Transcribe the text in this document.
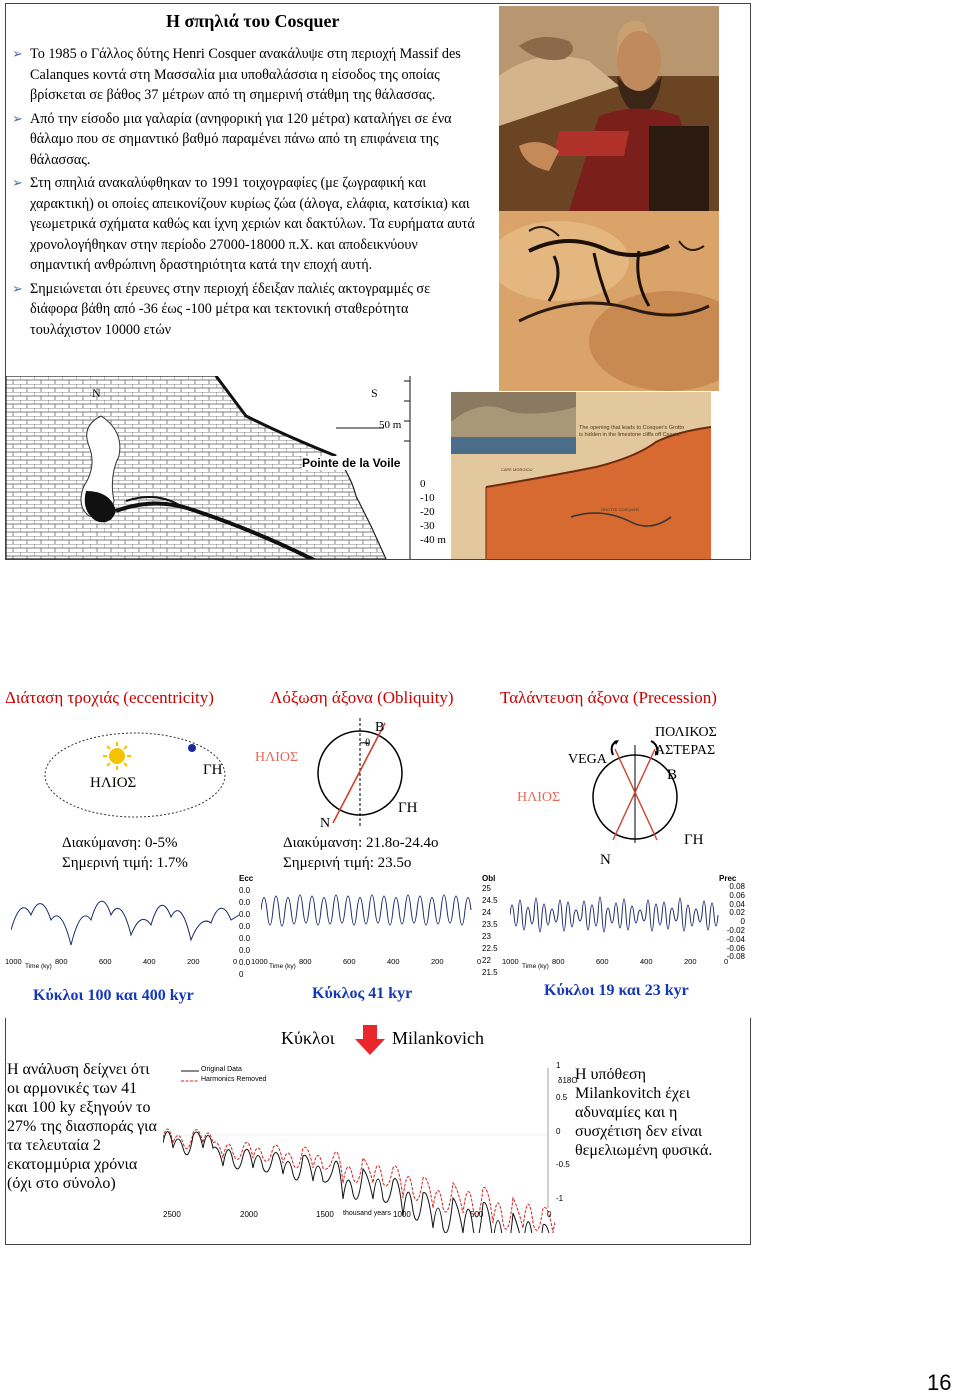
Η σπηλιά του Cosquer
➢ Το 1985 ο Γάλλος δύτης Henri Cosquer ανακάλυψε στη περιοχή Massif des Calanques κοντά στη Μασσαλία μια υποθαλάσσια η είσοδος της οποίας βρίσκεται σε βάθος 37 μέτρων από τη σημερινή στάθμη της θάλασσας.
➢ Από την είσοδο μια γαλαρία (ανηφορική για 120 μέτρα) καταλήγει σε ένα θάλαμο που σε σημαντικό βαθμό παραμένει πάνω από τη επιφάνεια της θάλασσας.
➢ Στη σπηλιά ανακαλύφθηκαν το 1991 τοιχογραφίες (με ζωγραφική και χαρακτική) οι οποίες απεικονίζουν κυρίως ζώα (άλογα, ελάφια, κατσίκια) και γεωμετρικά σχήματα καθώς και ίχνη χεριών και δακτύλων. Τα ευρήματα αυτά χρονολογήθηκαν στην περίοδο 27000-18000 π.Χ. και αποδεικνύουν σημαντική ανθρώπινη δραστηριότητα κατά την εποχή αυτή.
➢ Σημειώνεται ότι έρευνες στην περιοχή έδειξαν παλιές ακτογραμμές σε διάφορα βάθη από -36 έως -100 μέτρα και τεκτονική σταθερότητα τουλάχιστον 10000 ετών
N	S
50 m
Pointe de la Voile
0
-10
-20
-30
-40 m
The opening that leads to Cosquer's Grotto is hidden in the limestone cliffs off Cassis.
CAPE MORGIOU
GROTTE COSQUER
Διάταση τροχιάς (eccentricity)	Λόξωση άξονα (Obliquity)	Ταλάντευση άξονα (Precession)
ΗΛΙΟΣ
ΓΗ
Διακύμανση: 0-5%
Σημερινή τιμή: 1.7%
ΗΛΙΟΣ
Β
θ
Ν
ΓΗ
Διακύμανση: 21.8ο-24.4ο
Σημερινή τιμή: 23.5ο
ΗΛΙΟΣ
VEGA
ΠΟΛΙΚΟΣ
ΑΣΤΕΡΑΣ
Β
Ν
ΓΗ
1000
Time (ky)
800	600	400	200	0
Ecc
0.0
0.0
0.0
0.0
0.0
0.0
0.0
0
1000
Time (ky)
800	600	400	200	0
Obl
25
24.5
24
23.5
23
22.5
22
21.5
1000
Time (ky)
800	600	400	200	0
Prec
0.08
0.06
0.04
0.02
0
-0.02
-0.04
-0.06
-0.08
Κύκλοι 100 και 400 kyr	Κύκλος 41 kyr	Κύκλοι 19 και 23 kyr
Κύκλοι	Milankovich
Η ανάλυση δείχνει ότι οι αρμονικές των 41 και 100 ky εξηγούν το 27% της διασποράς για τα τελευταία 2 εκατομμύρια χρόνια (όχι στο σύνολο)
Original Data
Harmonics Removed
2500	2000	1500 thousand years 1000	500	0
δ18O
1
0.5
0
-0.5
-1
Η υπόθεση Milankovitch έχει αδυναμίες και η συσχέτιση δεν είναι θεμελιωμένη φυσικά.
16
